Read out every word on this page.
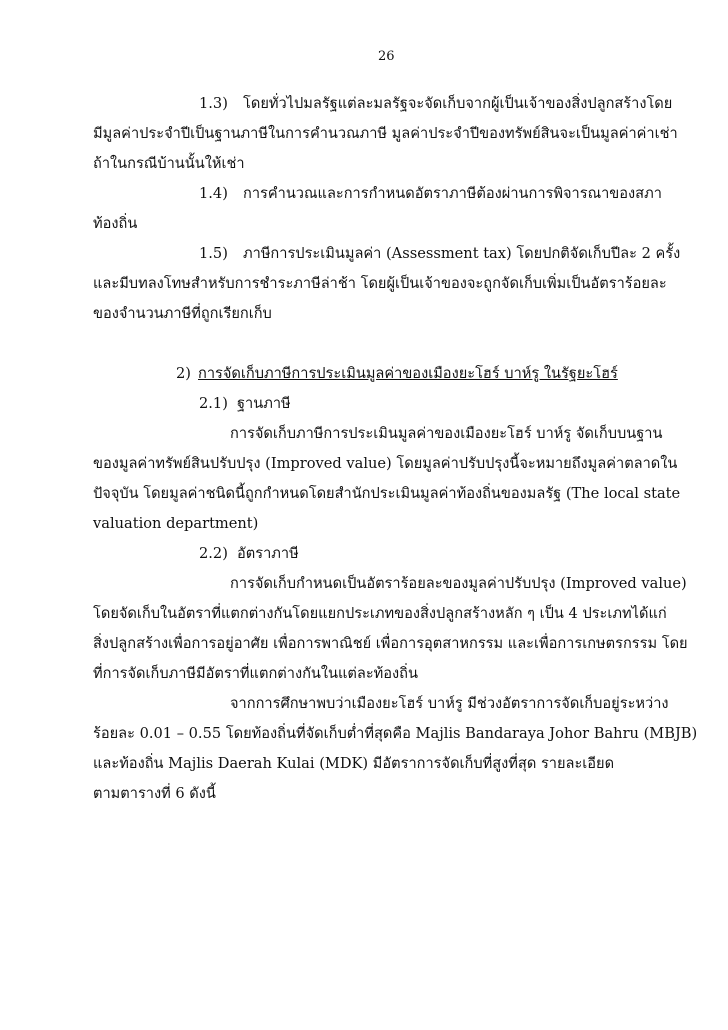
26
1.3) โดยทั่วไปมลรัฐแต่ละมลรัฐจะจัดเก็บจากผู้เป็นเจ้าของสิ่งปลูกสร้างโดย
มีมูลค่าประจำปีเป็นฐานภาษีในการคำนวณภาษี มูลค่าประจำปีของทรัพย์สินจะเป็นมูลค่าค่าเช่า
ถ้าในกรณีบ้านนั้นให้เช่า
1.4) การคำนวณและการกำหนดอัตราภาษีต้องผ่านการพิจารณาของสภา
ท้องถิ่น
1.5) ภาษีการประเมินมูลค่า (Assessment tax) โดยปกติจัดเก็บปีละ 2 ครั้ง
และมีบทลงโทษสำหรับการชำระภาษีล่าช้า โดยผู้เป็นเจ้าของจะถูกจัดเก็บเพิ่มเป็นอัตราร้อยละ
ของจำนวนภาษีที่ถูกเรียกเก็บ
2) การจัดเก็บภาษีการประเมินมูลค่าของเมืองยะโฮร์ บาห์รู ในรัฐยะโฮร์
2.1) ฐานภาษี
การจัดเก็บภาษีการประเมินมูลค่าของเมืองยะโฮร์ บาห์รู จัดเก็บบนฐาน
ของมูลค่าทรัพย์สินปรับปรุง (Improved value) โดยมูลค่าปรับปรุงนี้จะหมายถึงมูลค่าตลาดใน
ปัจจุบัน โดยมูลค่าชนิดนี้ถูกกำหนดโดยสำนักประเมินมูลค่าท้องถิ่นของมลรัฐ (The local state
valuation department)
2.2) อัตราภาษี
การจัดเก็บกำหนดเป็นอัตราร้อยละของมูลค่าปรับปรุง (Improved value)
โดยจัดเก็บในอัตราที่แตกต่างกันโดยแยกประเภทของสิ่งปลูกสร้างหลัก ๆ เป็น 4 ประเภทได้แก่
สิ่งปลูกสร้างเพื่อการอยู่อาศัย เพื่อการพาณิชย์ เพื่อการอุตสาหกรรม และเพื่อการเกษตรกรรม โดย
ที่การจัดเก็บภาษีมีอัตราที่แตกต่างกันในแต่ละท้องถิ่น
จากการศึกษาพบว่าเมืองยะโฮร์ บาห์รู มีช่วงอัตราการจัดเก็บอยู่ระหว่าง
ร้อยละ 0.01 – 0.55 โดยท้องถิ่นที่จัดเก็บต่ำที่สุดคือ Majlis Bandaraya Johor Bahru (MBJB)
และท้องถิ่น Majlis Daerah Kulai (MDK) มีอัตราการจัดเก็บที่สูงที่สุด รายละเอียด
ตามตารางที่ 6 ดังนี้
